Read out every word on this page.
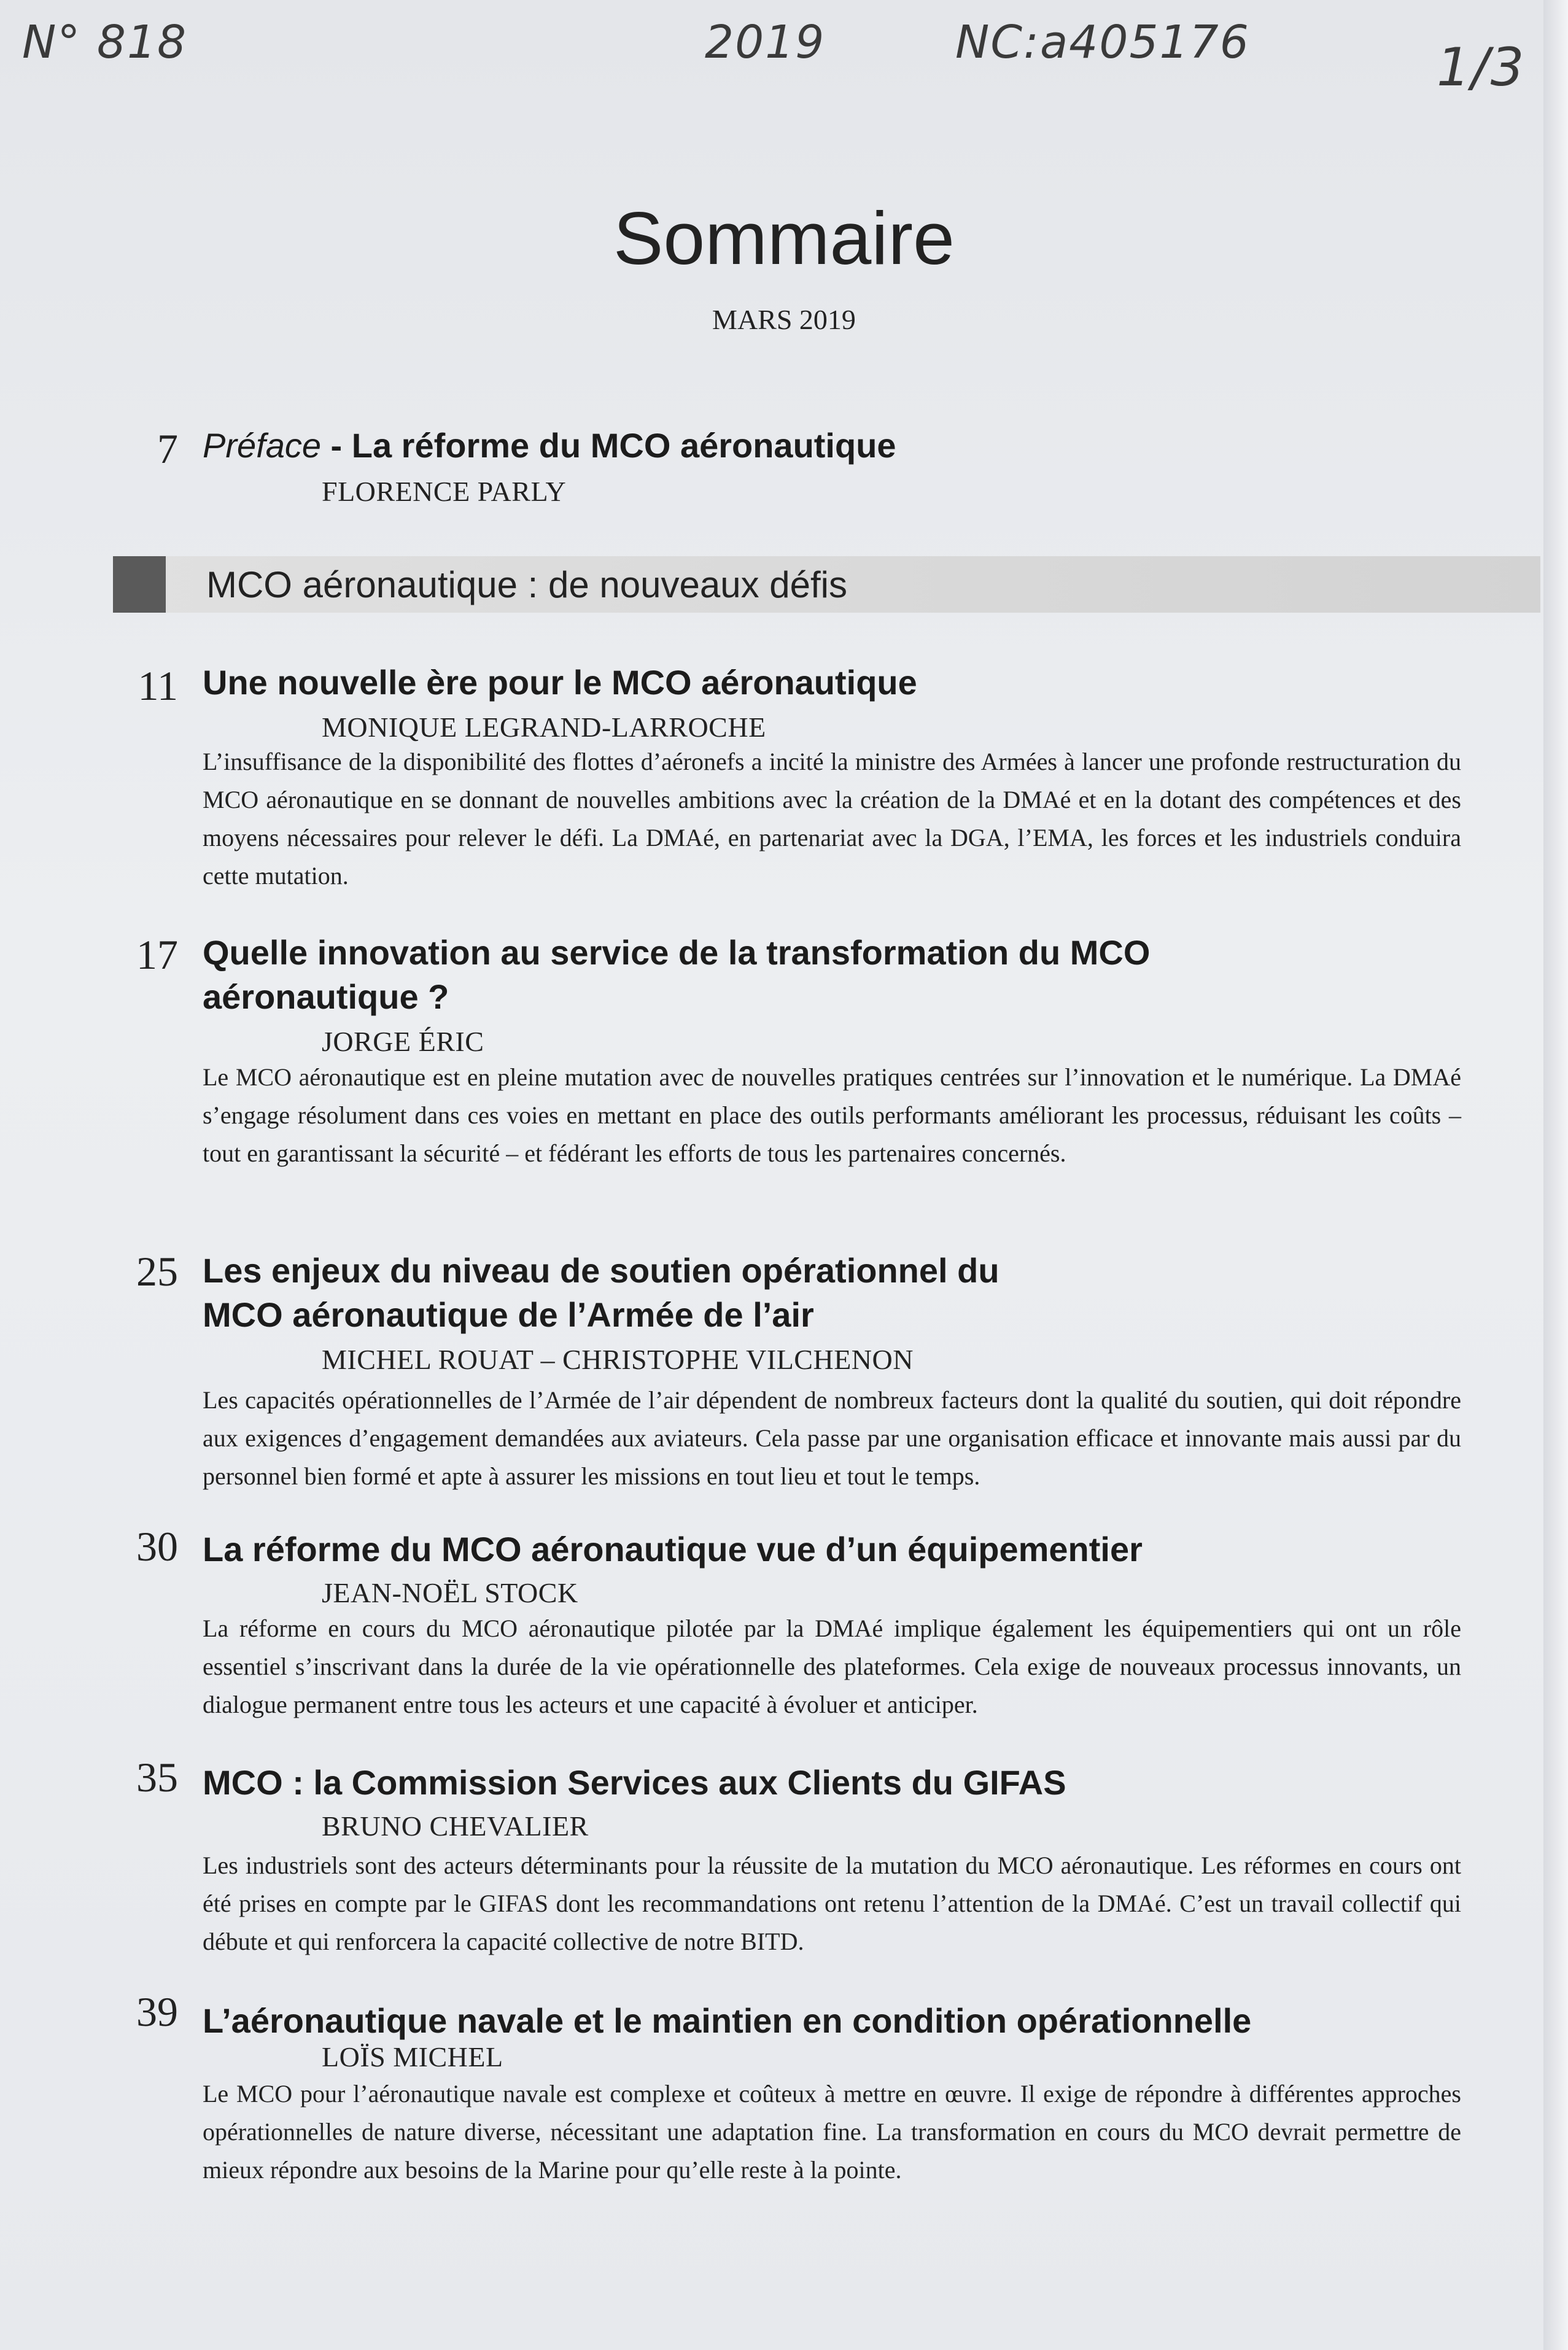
N° 818	2019	NC:a405176	1/3
Sommaire
MARS 2019
7 Préface - La réforme du MCO aéronautique
FLORENCE PARLY
MCO aéronautique : de nouveaux défis
11 Une nouvelle ère pour le MCO aéronautique
MONIQUE LEGRAND-LARROCHE
L’insuffisance de la disponibilité des flottes d’aéronefs a incité la ministre des Armées à lancer une profonde restructuration du MCO aéronautique en se donnant de nouvelles ambitions avec la création de la DMAé et en la dotant des compétences et des moyens nécessaires pour relever le défi. La DMAé, en partenariat avec la DGA, l’EMA, les forces et les industriels conduira cette mutation.
17 Quelle innovation au service de la transformation du MCO aéronautique ?
JORGE ÉRIC
Le MCO aéronautique est en pleine mutation avec de nouvelles pratiques centrées sur l’innovation et le numérique. La DMAé s’engage résolument dans ces voies en mettant en place des outils performants améliorant les processus, réduisant les coûts – tout en garantissant la sécurité – et fédérant les efforts de tous les partenaires concernés.
25 Les enjeux du niveau de soutien opérationnel du MCO aéronautique de l’Armée de l’air
MICHEL ROUAT – CHRISTOPHE VILCHENON
Les capacités opérationnelles de l’Armée de l’air dépendent de nombreux facteurs dont la qualité du soutien, qui doit répondre aux exigences d’engagement demandées aux aviateurs. Cela passe par une organisation efficace et innovante mais aussi par du personnel bien formé et apte à assurer les missions en tout lieu et tout le temps.
30 La réforme du MCO aéronautique vue d’un équipementier
JEAN-NOËL STOCK
La réforme en cours du MCO aéronautique pilotée par la DMAé implique également les équipementiers qui ont un rôle essentiel s’inscrivant dans la durée de la vie opérationnelle des plateformes. Cela exige de nouveaux processus innovants, un dialogue permanent entre tous les acteurs et une capacité à évoluer et anticiper.
35 MCO : la Commission Services aux Clients du GIFAS
BRUNO CHEVALIER
Les industriels sont des acteurs déterminants pour la réussite de la mutation du MCO aéronautique. Les réformes en cours ont été prises en compte par le GIFAS dont les recommandations ont retenu l’attention de la DMAé. C’est un travail collectif qui débute et qui renforcera la capacité collective de notre BITD.
39 L’aéronautique navale et le maintien en condition opérationnelle
LOÏS MICHEL
Le MCO pour l’aéronautique navale est complexe et coûteux à mettre en œuvre. Il exige de répondre à différentes approches opérationnelles de nature diverse, nécessitant une adaptation fine. La transformation en cours du MCO devrait permettre de mieux répondre aux besoins de la Marine pour qu’elle reste à la pointe.
